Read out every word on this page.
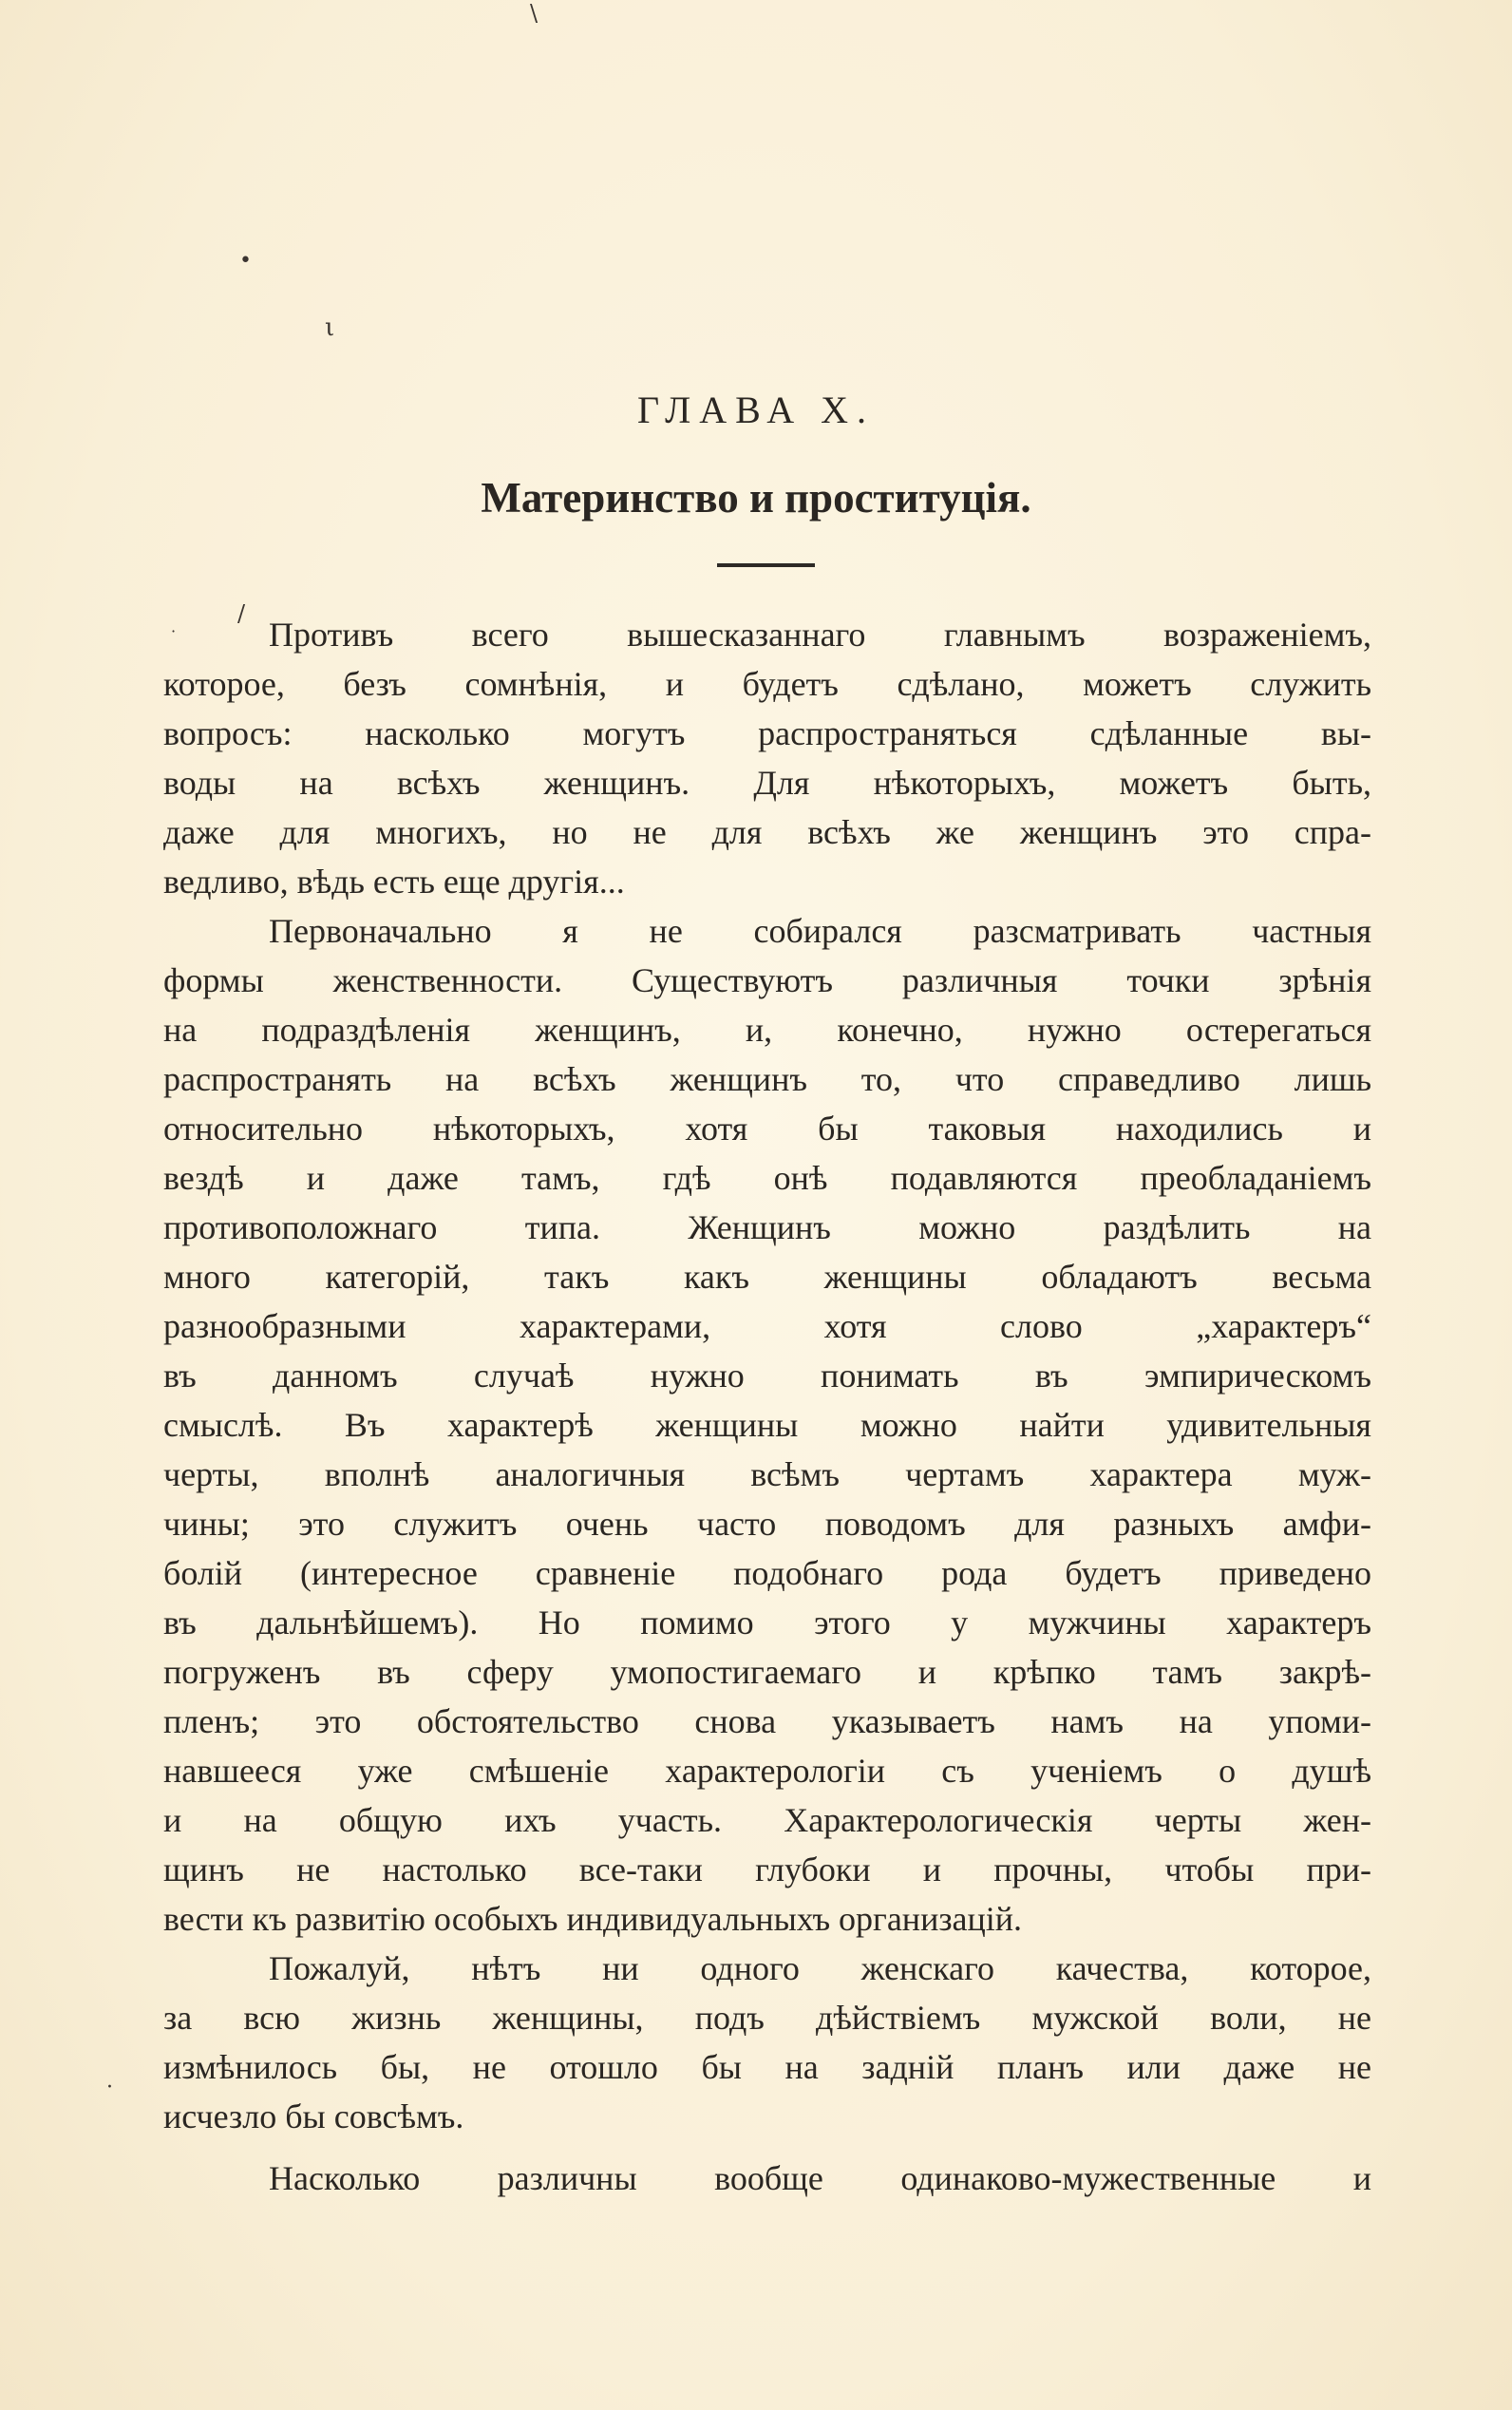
•
ι
\
/
·
·
ГЛАВА X.
Материнство и проституція.
Противъ всего вышесказаннаго главнымъ возраженіемъ,
которое, безъ сомнѣнія, и будетъ сдѣлано, можетъ служить
вопросъ: насколько могутъ распространяться сдѣланные вы-
воды на всѣхъ женщинъ. Для нѣкоторыхъ, можетъ быть,
даже для многихъ, но не для всѣхъ же женщинъ это спра-
ведливо, вѣдь есть еще другія...
Первоначально я не собирался разсматривать частныя
формы женственности. Существуютъ различныя точки зрѣнія
на подраздѣленія женщинъ, и, конечно, нужно остерегаться
распространять на всѣхъ женщинъ то, что справедливо лишь
относительно нѣкоторыхъ, хотя бы таковыя находились и
вездѣ и даже тамъ, гдѣ онѣ подавляются преобладаніемъ
противоположнаго типа. Женщинъ можно раздѣлить на
много категорій, такъ какъ женщины обладаютъ весьма
разнообразными характерами, хотя слово „характеръ“
въ данномъ случаѣ нужно понимать въ эмпирическомъ
смыслѣ. Въ характерѣ женщины можно найти удивительныя
черты, вполнѣ аналогичныя всѣмъ чертамъ характера муж-
чины; это служитъ очень часто поводомъ для разныхъ амфи-
болій (интересное сравненіе подобнаго рода будетъ приведено
въ дальнѣйшемъ). Но помимо этого у мужчины характеръ
погруженъ въ сферу умопостигаемаго и крѣпко тамъ закрѣ-
пленъ; это обстоятельство снова указываетъ намъ на упоми-
навшееся уже смѣшеніе характерологіи съ ученіемъ о душѣ
и на общую ихъ участь. Характерологическія черты жен-
щинъ не настолько все-таки глубоки и прочны, чтобы при-
вести къ развитію особыхъ индивидуальныхъ организацій.
Пожалуй, нѣтъ ни одного женскаго качества, которое,
за всю жизнь женщины, подъ дѣйствіемъ мужской воли, не
измѣнилось бы, не отошло бы на задній планъ или даже не
исчезло бы совсѣмъ.
Насколько различны вообще одинаково-мужественные и
